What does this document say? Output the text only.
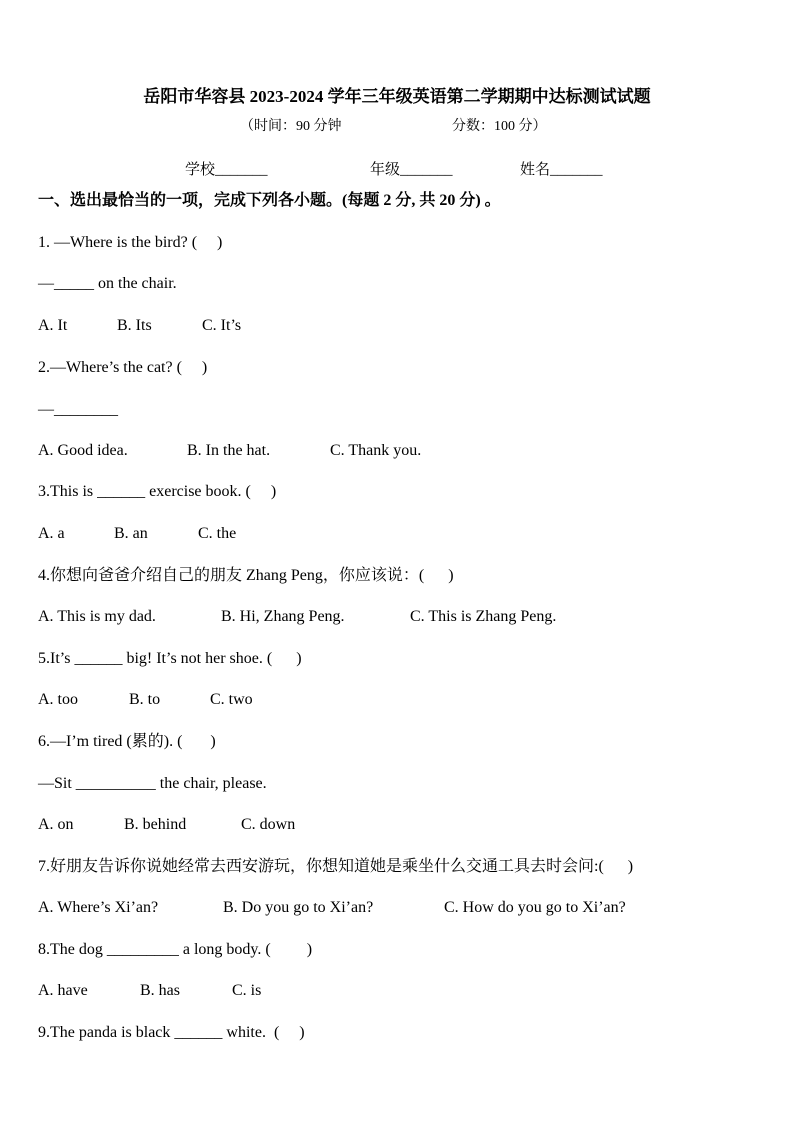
岳阳市华容县 2023-2024 学年三年级英语第二学期期中达标测试试题
（时间：90 分钟	分数：100 分）
学校_______	年级_______	姓名_______
一、选出最恰当的一项，完成下列各小题。(每题 2 分, 共 20 分) 。
1. —Where is the bird? (     )
—_____ on the chair.
A. It	B. Its	C. It’s
2.—Where’s the cat? (     )
—________
A. Good idea.	B. In the hat.	C. Thank you.
3.This is ______ exercise book. (     )
A. a	B. an	C. the
4.你想向爸爸介绍自己的朋友 Zhang Peng，你应该说：(      )
A. This is my dad.	B. Hi, Zhang Peng.	C. This is Zhang Peng.
5.It’s ______ big! It’s not her shoe. (      )
A. too	B. to	C. two
6.—I’m tired (累的). (       )
—Sit __________ the chair, please.
A. on	B. behind	C. down
7.好朋友告诉你说她经常去西安游玩，你想知道她是乘坐什么交通工具去时会问:(      )
A. Where’s Xi’an?	B. Do you go to Xi’an?	C. How do you go to Xi’an?
8.The dog _________ a long body. (         )
A. have	B. has	C. is
9.The panda is black ______ white.  (     )
